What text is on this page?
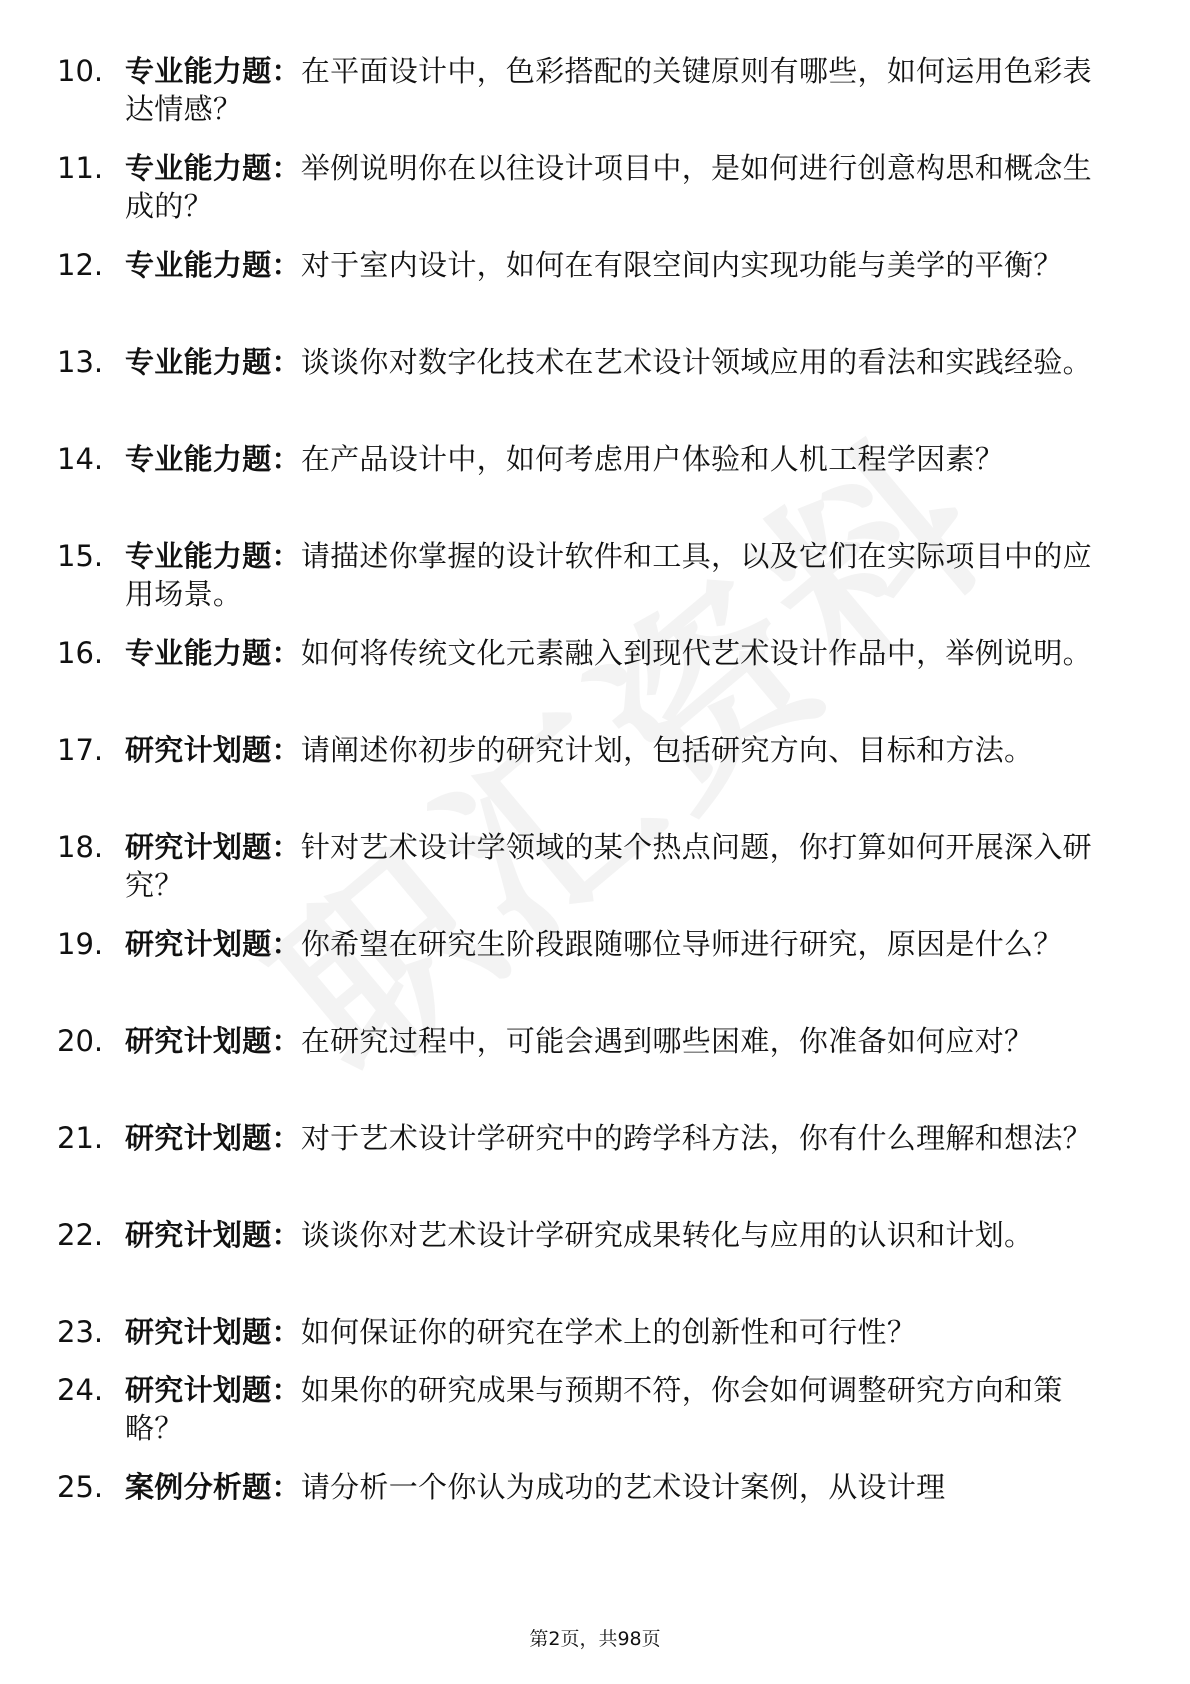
10. 专业能力题：在平面设计中，色彩搭配的关键原则有哪些，如何运用色彩表达情感？
11. 专业能力题：举例说明你在以往设计项目中，是如何进行创意构思和概念生成的？
12. 专业能力题：对于室内设计，如何在有限空间内实现功能与美学的平衡？
13. 专业能力题：谈谈你对数字化技术在艺术设计领域应用的看法和实践经验。
14. 专业能力题：在产品设计中，如何考虑用户体验和人机工程学因素？
15. 专业能力题：请描述你掌握的设计软件和工具，以及它们在实际项目中的应用场景。
16. 专业能力题：如何将传统文化元素融入到现代艺术设计作品中，举例说明。
17. 研究计划题：请阐述你初步的研究计划，包括研究方向、目标和方法。
18. 研究计划题：针对艺术设计学领域的某个热点问题，你打算如何开展深入研究？
19. 研究计划题：你希望在研究生阶段跟随哪位导师进行研究，原因是什么？
20. 研究计划题：在研究过程中，可能会遇到哪些困难，你准备如何应对？
21. 研究计划题：对于艺术设计学研究中的跨学科方法，你有什么理解和想法？
22. 研究计划题：谈谈你对艺术设计学研究成果转化与应用的认识和计划。
23. 研究计划题：如何保证你的研究在学术上的创新性和可行性？
24. 研究计划题：如果你的研究成果与预期不符，你会如何调整研究方向和策略？
25. 案例分析题：请分析一个你认为成功的艺术设计案例，从设计理
第2页，共98页
